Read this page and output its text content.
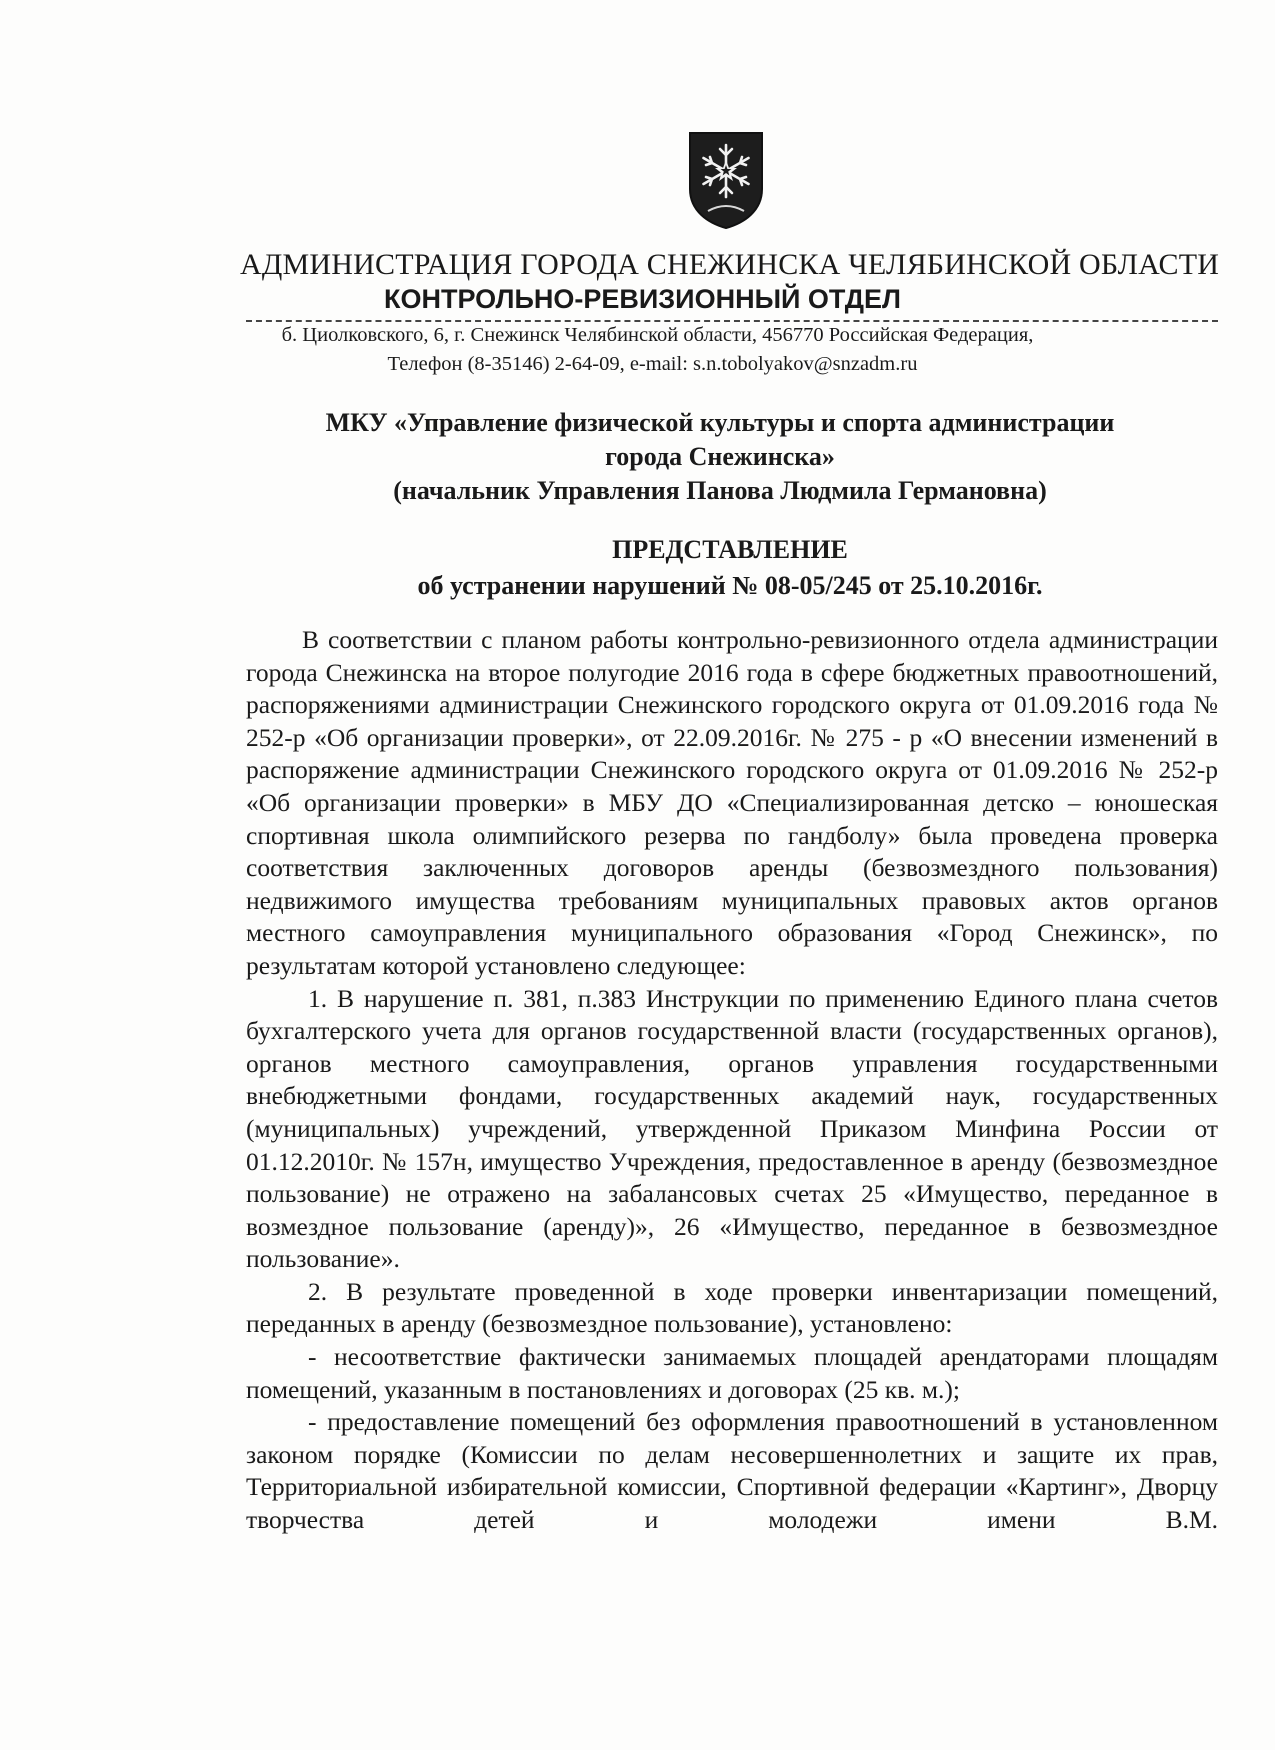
АДМИНИСТРАЦИЯ ГОРОДА СНЕЖИНСКА ЧЕЛЯБИНСКОЙ ОБЛАСТИ
КОНТРОЛЬНО-РЕВИЗИОННЫЙ ОТДЕЛ
б. Циолковского, 6, г. Снежинск Челябинской области, 456770 Российская Федерация,
Телефон (8-35146) 2-64-09, e-mail: s.n.tobolyakov@snzadm.ru
МКУ «Управление физической культуры и спорта администрации
города Снежинска»
(начальник Управления Панова Людмила Германовна)
ПРЕДСТАВЛЕНИЕ
об устранении нарушений № 08-05/245 от 25.10.2016г.

В соответствии с планом работы контрольно-ревизионного отдела администрации города Снежинска на второе полугодие 2016 года в сфере бюджетных правоотношений, распоряжениями администрации Снежинского городского округа от 01.09.2016 года № 252-р «Об организации проверки», от 22.09.2016г. № 275 - р «О внесении изменений в распоряжение администрации Снежинского городского округа от 01.09.2016 № 252-р «Об организации проверки» в МБУ ДО «Специализированная детско – юношеская спортивная школа олимпийского резерва по гандболу» была проведена проверка соответствия заключенных договоров аренды (безвозмездного пользования) недвижимого имущества требованиям муниципальных правовых актов органов местного самоуправления муниципального образования «Город Снежинск», по результатам которой установлено следующее:

1. В нарушение п. 381, п.383 Инструкции по применению Единого плана счетов бухгалтерского учета для органов государственной власти (государственных органов), органов местного самоуправления, органов управления государственными внебюджетными фондами, государственных академий наук, государственных (муниципальных) учреждений, утвержденной Приказом Минфина России от 01.12.2010г. № 157н, имущество Учреждения, предоставленное в аренду (безвозмездное пользование) не отражено на забалансовых счетах 25 «Имущество, переданное в возмездное пользование (аренду)», 26 «Имущество, переданное в безвозмездное пользование».

2. В результате проведенной в ходе проверки инвентаризации помещений, переданных в аренду (безвозмездное пользование), установлено:

- несоответствие фактически занимаемых площадей арендаторами площадям помещений, указанным в постановлениях и договорах (25 кв. м.);

- предоставление помещений без оформления правоотношений в установленном законом порядке (Комиссии по делам несовершеннолетних и защите их прав, Территориальной избирательной комиссии, Спортивной федерации «Картинг», Дворцу творчества детей и молодежи имени В.М.
